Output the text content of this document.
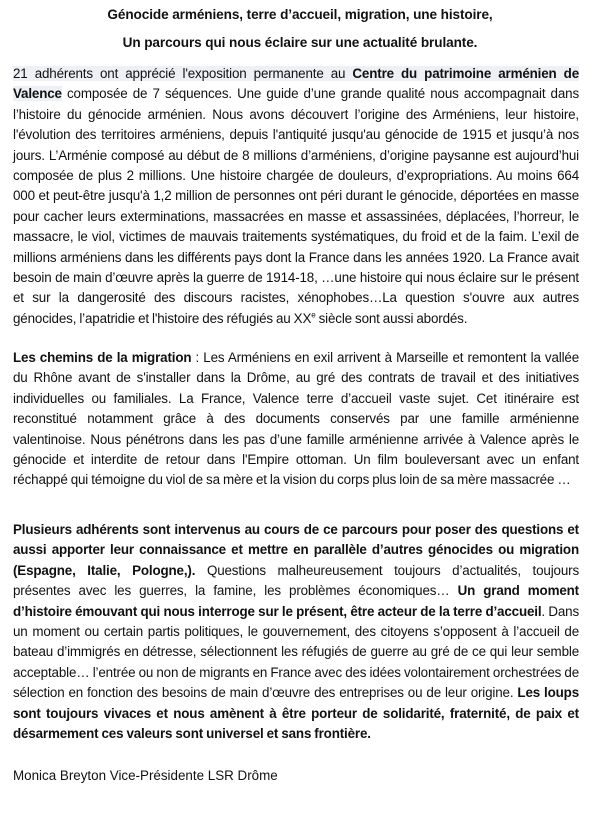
Génocide arméniens, terre d’accueil, migration, une histoire,

Un parcours qui nous éclaire sur une actualité brulante.

21 adhérents ont apprécié l'exposition permanente au Centre du patrimoine arménien de Valence composée de 7 séquences. Une guide d’une grande qualité nous accompagnait dans l’histoire du génocide arménien. Nous avons découvert l’origine des Arméniens, leur histoire, l'évolution des territoires arméniens, depuis l'antiquité jusqu'au génocide de 1915 et jusqu’à nos jours. L’Arménie composé au début de 8 millions d’arméniens, d’origine paysanne est aujourd’hui composée de plus 2 millions. Une histoire chargée de douleurs, d’expropriations. Au moins 664 000 et peut-être jusqu'à 1,2 million de personnes ont péri durant le génocide, déportées en masse pour cacher leurs exterminations, massacrées en masse et assassinées, déplacées, l’horreur, le massacre, le viol, victimes de mauvais traitements systématiques, du froid et de la faim. L’exil de millions arméniens dans les différents pays dont la France dans les années 1920. La France avait besoin de main d’œuvre après la guerre de 1914-18, …une histoire qui nous éclaire sur le présent et sur la dangerosité des discours racistes, xénophobes…La question s'ouvre aux autres génocides, l’apatridie et l'histoire des réfugiés au XXe siècle sont aussi abordés.

Les chemins de la migration : Les Arméniens en exil arrivent à Marseille et remontent la vallée du Rhône avant de s'installer dans la Drôme, au gré des contrats de travail et des initiatives individuelles ou familiales. La France, Valence terre d’accueil vaste sujet. Cet itinéraire est reconstitué notamment grâce à des documents conservés par une famille arménienne valentinoise. Nous pénétrons dans les pas d’une famille arménienne arrivée à Valence après le génocide et interdite de retour dans l'Empire ottoman. Un film bouleversant avec un enfant réchappé qui témoigne du viol de sa mère et la vision du corps plus loin de sa mère massacrée …

Plusieurs adhérents sont intervenus au cours de ce parcours pour poser des questions et aussi apporter leur connaissance et mettre en parallèle d’autres génocides ou migration (Espagne, Italie, Pologne,). Questions malheureusement toujours d’actualités, toujours présentes avec les guerres, la famine, les problèmes économiques… Un grand moment d’histoire émouvant qui nous interroge sur le présent, être acteur de la terre d’accueil. Dans un moment ou certain partis politiques, le gouvernement, des citoyens s’opposent à l’accueil de bateau d’immigrés en détresse, sélectionnent les réfugiés de guerre au gré de ce qui leur semble acceptable… l’entrée ou non de migrants en France avec des idées volontairement orchestrées de sélection en fonction des besoins de main d’œuvre des entreprises ou de leur origine. Les loups sont toujours vivaces et nous amènent à être porteur de solidarité, fraternité, de paix et désarmement ces valeurs sont universel et sans frontière.

Monica Breyton Vice-Présidente LSR Drôme
